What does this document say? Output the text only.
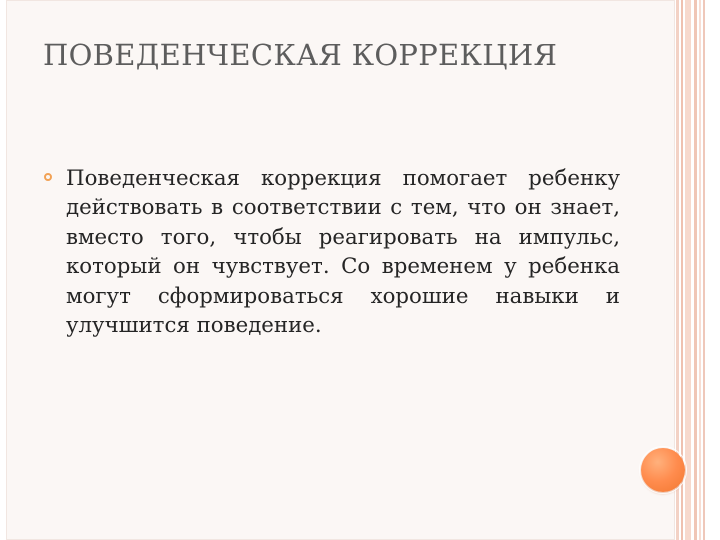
ПОВЕДЕНЧЕСКАЯ КОРРЕКЦИЯ
Поведенческая коррекция помогает ребенку действовать в соответствии с тем, что он знает, вместо того, чтобы реагировать на импульс, который он чувствует. Со временем у ребенка могут сформироваться хорошие навыки и улучшится поведение.
